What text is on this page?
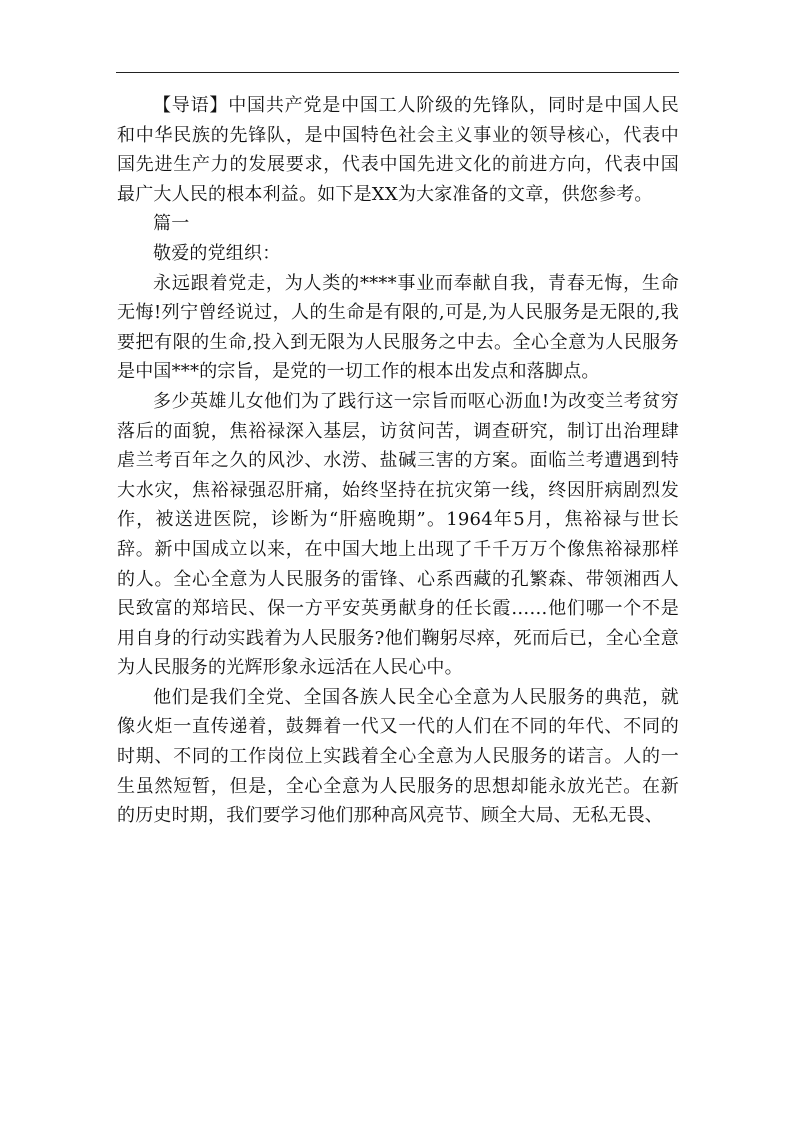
【导语】中国共产党是中国工人阶级的先锋队，同时是中国人民和中华民族的先锋队，是中国特色社会主义事业的领导核心，代表中国先进生产力的发展要求，代表中国先进文化的前进方向，代表中国最广大人民的根本利益。如下是XX为大家准备的文章，供您参考。

篇一

敬爱的党组织：

永远跟着党走，为人类的****事业而奉献自我，青春无悔，生命无悔!列宁曾经说过，人的生命是有限的,可是,为人民服务是无限的,我要把有限的生命,投入到无限为人民服务之中去。全心全意为人民服务是中国***的宗旨，是党的一切工作的根本出发点和落脚点。

多少英雄儿女他们为了践行这一宗旨而呕心沥血!为改变兰考贫穷落后的面貌，焦裕禄深入基层，访贫问苦，调查研究，制订出治理肆虐兰考百年之久的风沙、水涝、盐碱三害的方案。面临兰考遭遇到特大水灾，焦裕禄强忍肝痛，始终坚持在抗灾第一线，终因肝病剧烈发作，被送进医院，诊断为“肝癌晚期”。1964年5月，焦裕禄与世长辞。新中国成立以来，在中国大地上出现了千千万万个像焦裕禄那样的人。全心全意为人民服务的雷锋、心系西藏的孔繁森、带领湘西人民致富的郑培民、保一方平安英勇献身的任长霞……他们哪一个不是用自身的行动实践着为人民服务?他们鞠躬尽瘁，死而后已，全心全意为人民服务的光辉形象永远活在人民心中。

他们是我们全党、全国各族人民全心全意为人民服务的典范，就像火炬一直传递着，鼓舞着一代又一代的人们在不同的年代、不同的时期、不同的工作岗位上实践着全心全意为人民服务的诺言。人的一生虽然短暂，但是，全心全意为人民服务的思想却能永放光芒。在新的历史时期，我们要学习他们那种高风亮节、顾全大局、无私无畏、
